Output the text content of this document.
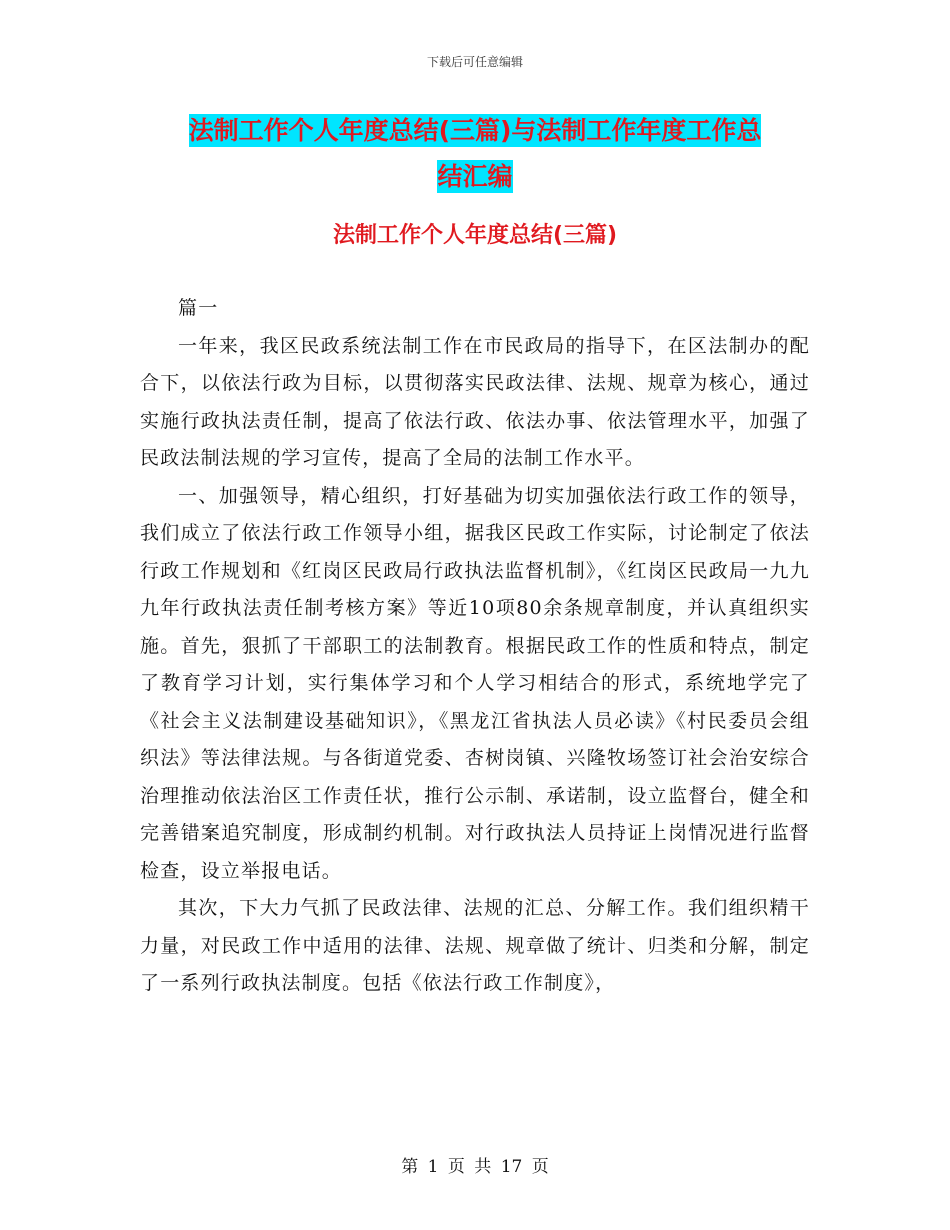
下载后可任意编辑
法制工作个人年度总结(三篇)与法制工作年度工作总
结汇编
法制工作个人年度总结(三篇)

篇一

一年来，我区民政系统法制工作在市民政局的指导下，在区法制办的配合下，以依法行政为目标，以贯彻落实民政法律、法规、规章为核心，通过实施行政执法责任制，提高了依法行政、依法办事、依法管理水平，加强了民政法制法规的学习宣传，提高了全局的法制工作水平。

一、加强领导，精心组织，打好基础为切实加强依法行政工作的领导，我们成立了依法行政工作领导小组，据我区民政工作实际，讨论制定了依法行政工作规划和《红岗区民政局行政执法监督机制》，《红岗区民政局一九九九年行政执法责任制考核方案》等近10项80余条规章制度，并认真组织实施。首先，狠抓了干部职工的法制教育。根据民政工作的性质和特点，制定了教育学习计划，实行集体学习和个人学习相结合的形式，系统地学完了《社会主义法制建设基础知识》，《黑龙江省执法人员必读》《村民委员会组织法》等法律法规。与各街道党委、杏树岗镇、兴隆牧场签订社会治安综合治理推动依法治区工作责任状，推行公示制、承诺制，设立监督台，健全和完善错案追究制度，形成制约机制。对行政执法人员持证上岗情况进行监督检查，设立举报电话。

其次，下大力气抓了民政法律、法规的汇总、分解工作。我们组织精干力量，对民政工作中适用的法律、法规、规章做了统计、归类和分解，制定了一系列行政执法制度。包括《依法行政工作制度》，

第 1 页 共 17 页
